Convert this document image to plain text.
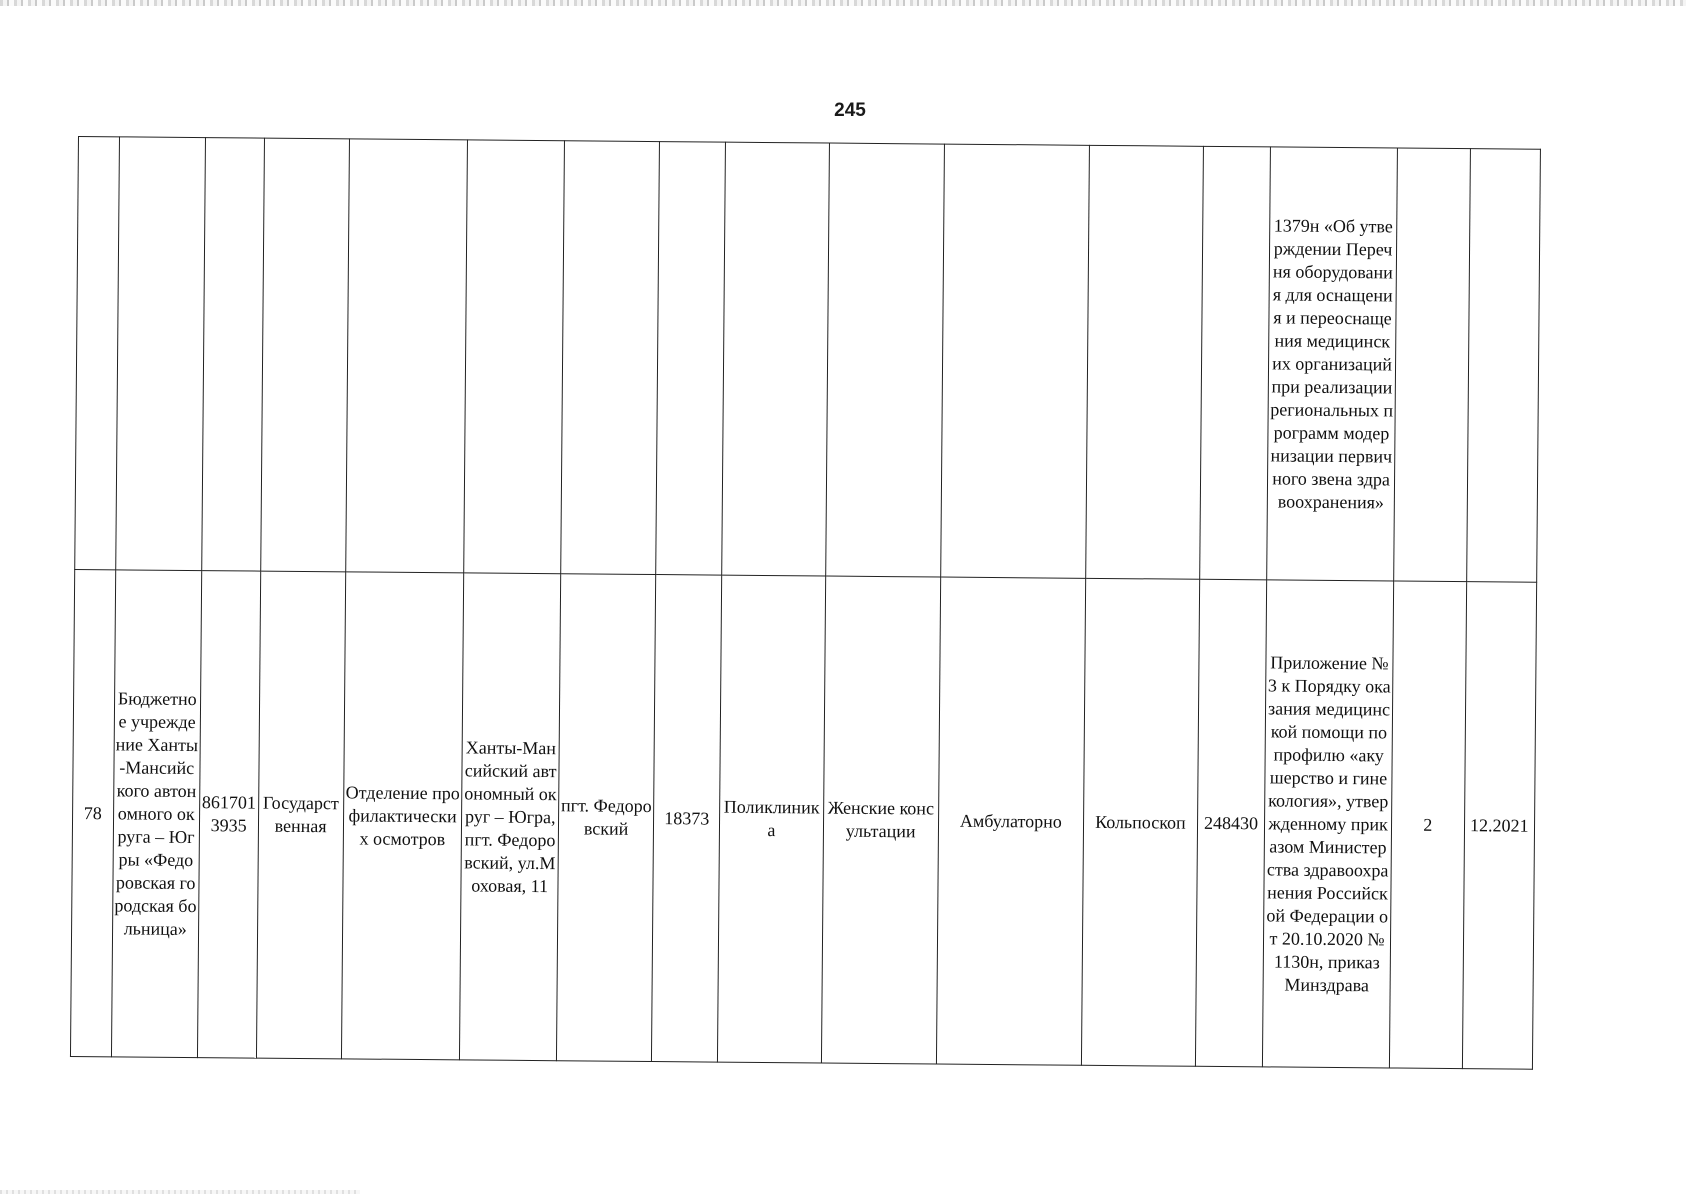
245

													1379н «Об утверждении Перечня оборудования для оснащения и переоснащения медицинских организаций при реализации региональных программ модернизации первичного звена здравоохранения»		

78	Бюджетное учреждение Ханты-Мансийского автономного округа – Югры «Федоровская городская больница»	8617013935	Государственная	Отделение профилактических осмотров	Ханты-Мансийский автономный округ – Югра, пгт. Федоровский, ул.Моховая, 11	пгт. Федоровский	18373	Поликлиника	Женские консультации	Амбулаторно	Кольпоскоп	248430	Приложение № 3 к Порядку оказания медицинской помощи по профилю «акушерство и гинекология», утвержденному приказом Министерства здравоохранения Российской Федерации от 20.10.2020 № 1130н, приказ Минздрава	2	12.2021
